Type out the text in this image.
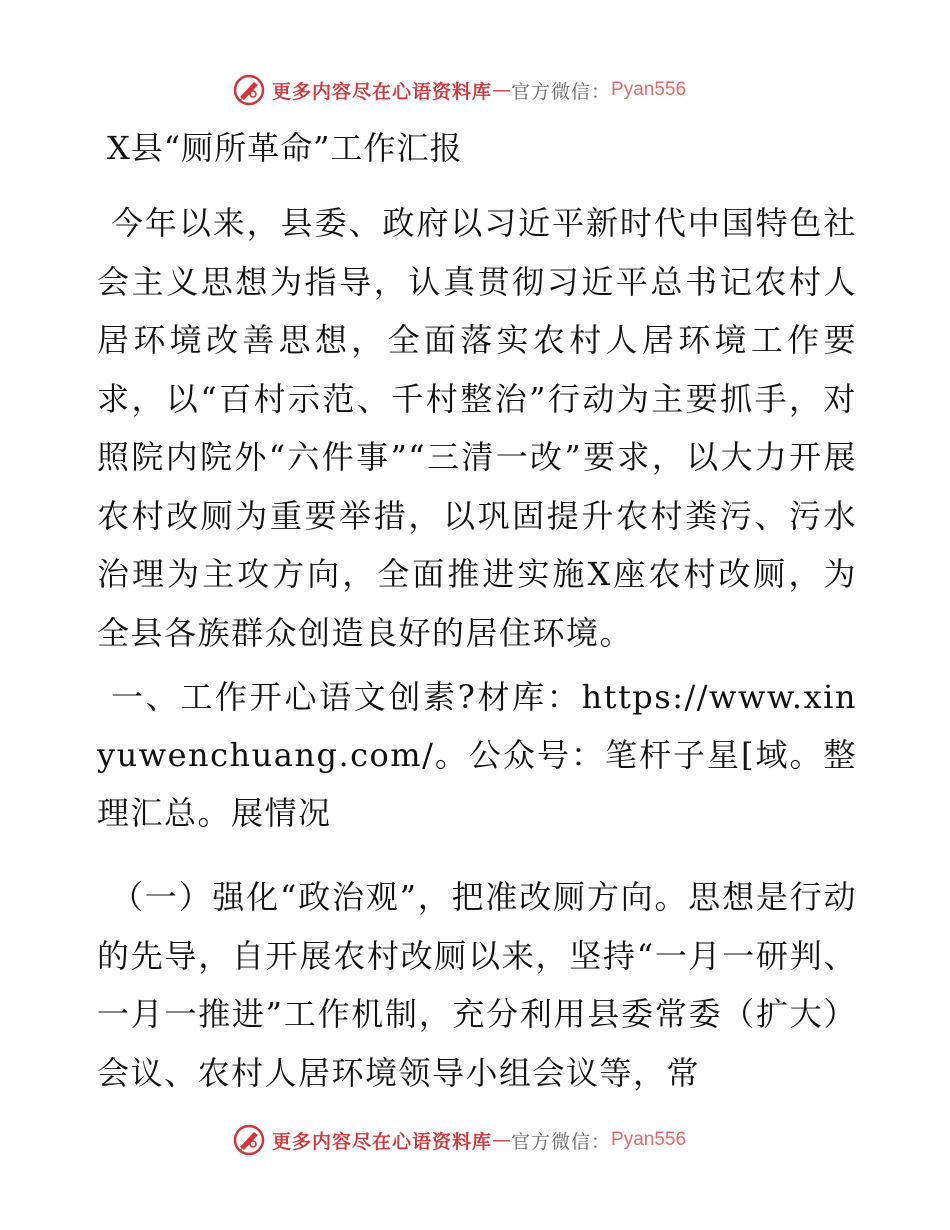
更多内容尽在心语资料库 — 官方微信： Pyan556
X县“厕所革命”工作汇报

今年以来，县委、政府以习近平新时代中国特色社会主义思想为指导，认真贯彻习近平总书记农村人居环境改善思想，全面落实农村人居环境工作要求，以“百村示范、千村整治”行动为主要抓手，对照院内院外“六件事”“三清一改”要求，以大力开展农村改厕为重要举措，以巩固提升农村粪污、污水治理为主攻方向，全面推进实施X座农村改厕，为全县各族群众创造良好的居住环境。

一、工作开心语文创素?材库：https://www.xinyuwenchuang.com/。公众号：笔杆子星[域。整理汇总。展情况

（一）强化“政治观”，把准改厕方向。思想是行动的先导，自开展农村改厕以来，坚持“一月一研判、一月一推进”工作机制，充分利用县委常委（扩大）会议、农村人居环境领导小组会议等，常

更多内容尽在心语资料库 — 官方微信： Pyan556
